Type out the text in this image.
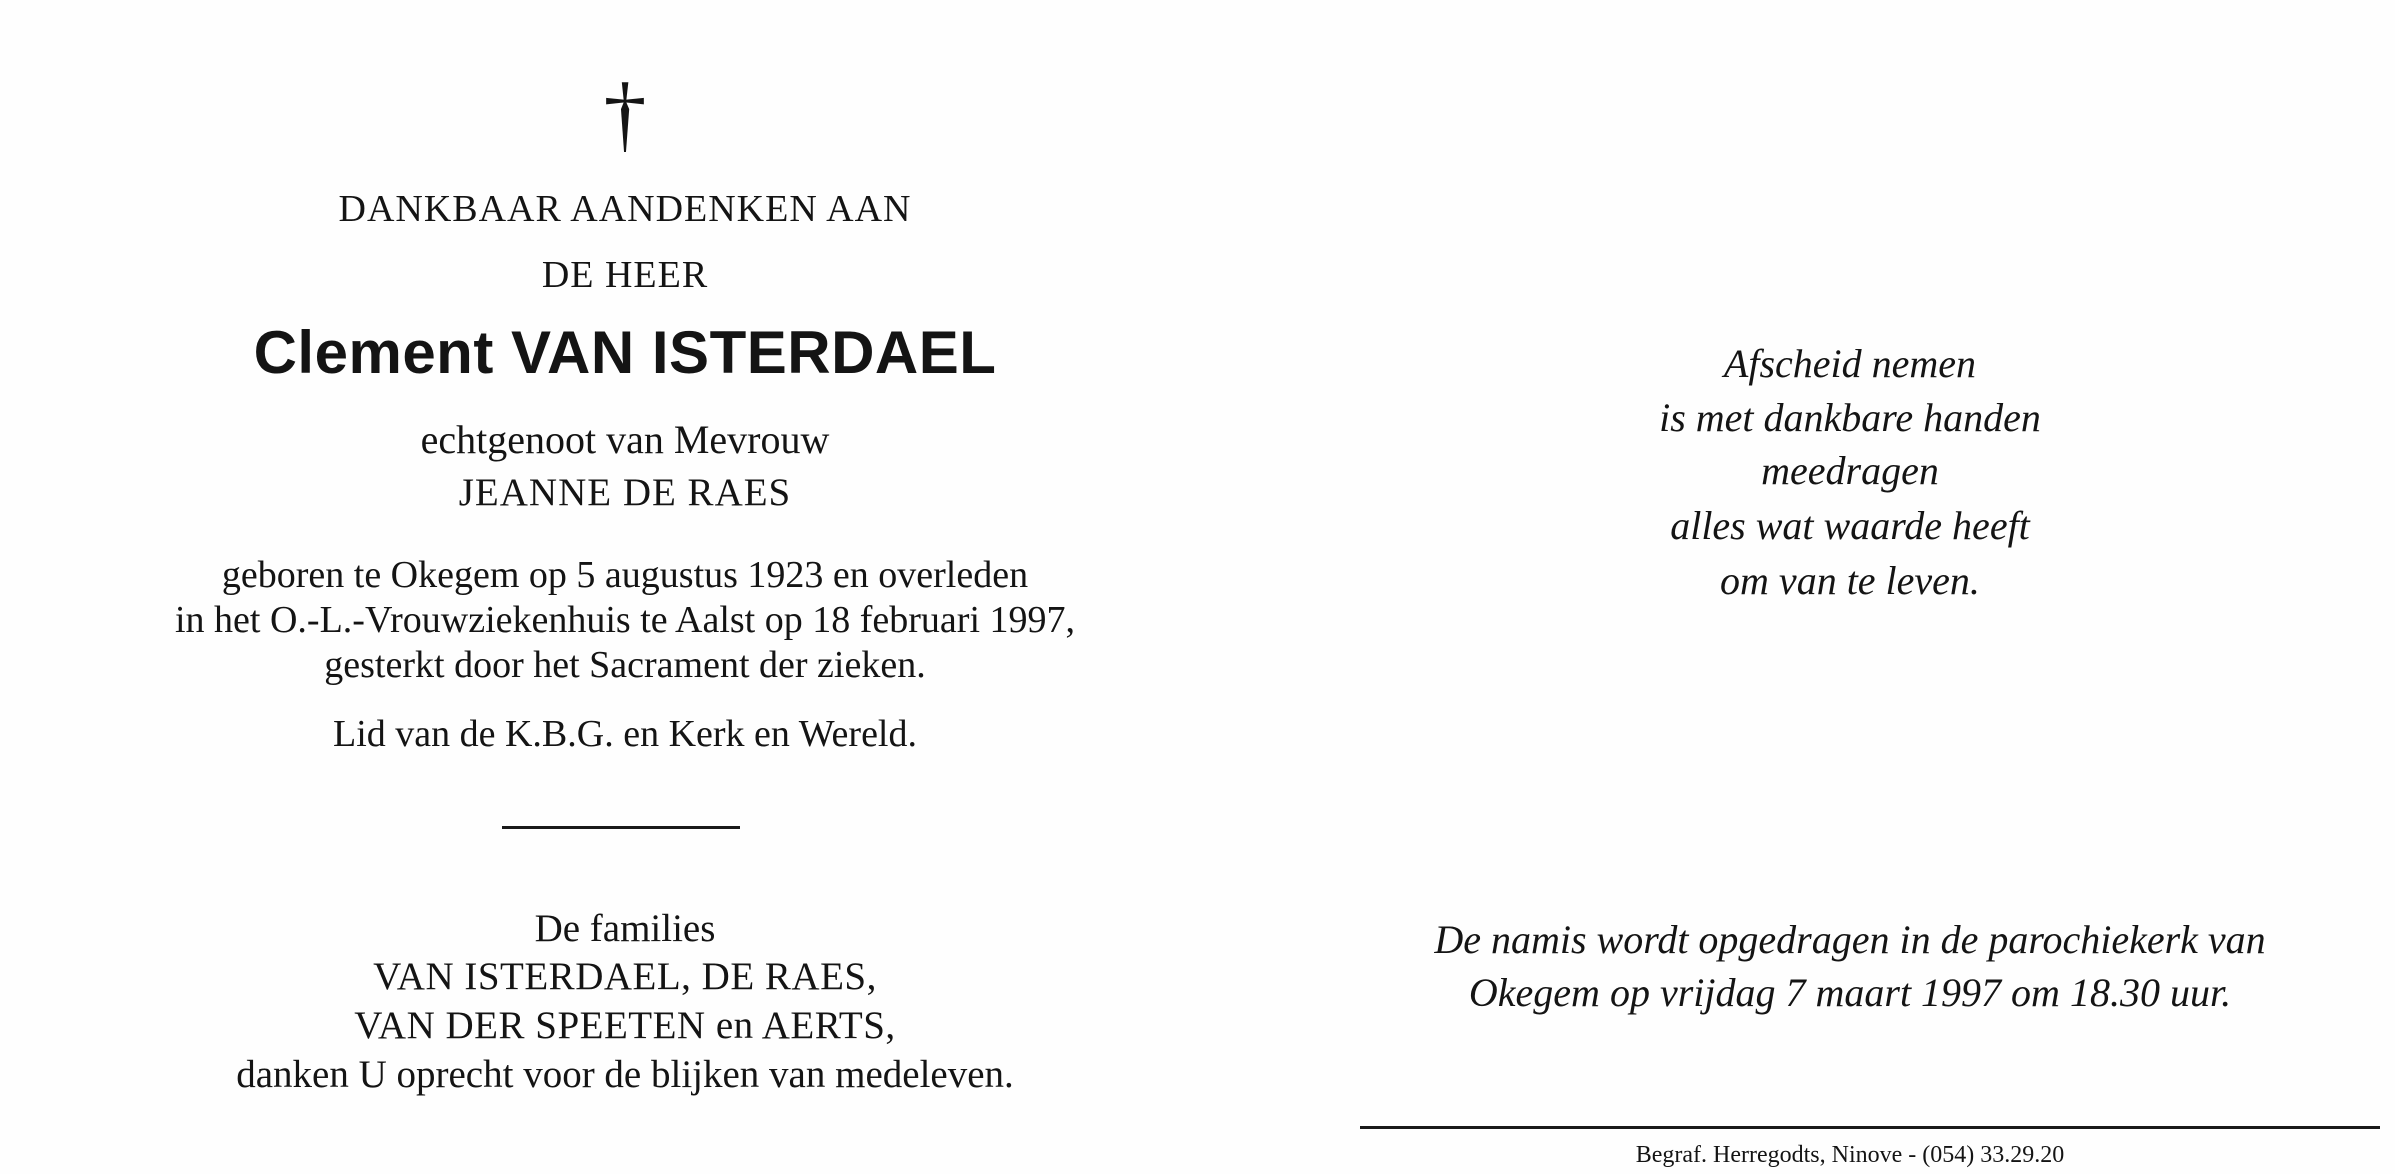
†
DANKBAAR AANDENKEN AAN
DE HEER
Clement VAN ISTERDAEL
echtgenoot van Mevrouw
JEANNE DE RAES
geboren te Okegem op 5 augustus 1923 en overleden
in het O.-L.-Vrouwziekenhuis te Aalst op 18 februari 1997,
gesterkt door het Sacrament der zieken.
Lid van de K.B.G. en Kerk en Wereld.
De families
VAN ISTERDAEL, DE RAES,
VAN DER SPEETEN en AERTS,
danken U oprecht voor de blijken van medeleven.
Afscheid nemen
is met dankbare handen
meedragen
alles wat waarde heeft
om van te leven.
De namis wordt opgedragen in de parochiekerk van
Okegem op vrijdag 7 maart 1997 om 18.30 uur.
Begraf. Herregodts, Ninove - (054) 33.29.20
